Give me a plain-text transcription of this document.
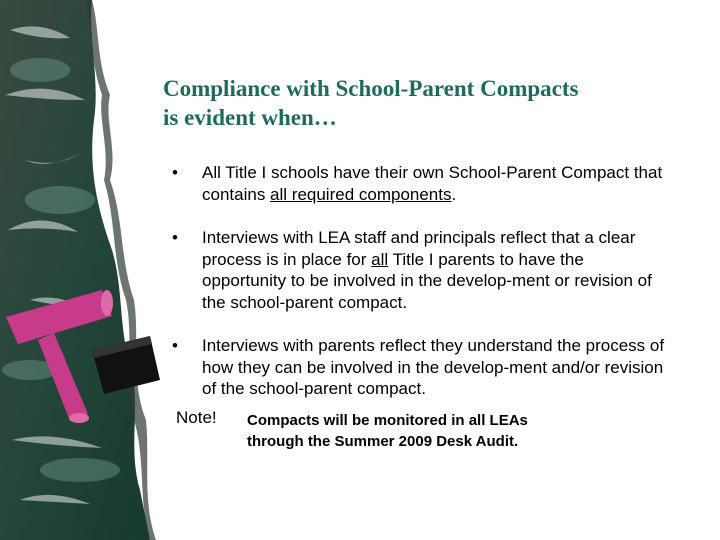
Compliance with School-Parent Compacts
is evident when…
• All Title I schools have their own School-Parent Compact that contains all required components.
• Interviews with LEA staff and principals reflect that a clear process is in place for all Title I parents to have the opportunity to be involved in the develop-ment or revision of the school-parent compact.
• Interviews with parents reflect they understand the process of how they can be involved in the develop-ment and/or revision of the school-parent compact.
Note! Compacts will be monitored in all LEAs
through the Summer 2009 Desk Audit.
